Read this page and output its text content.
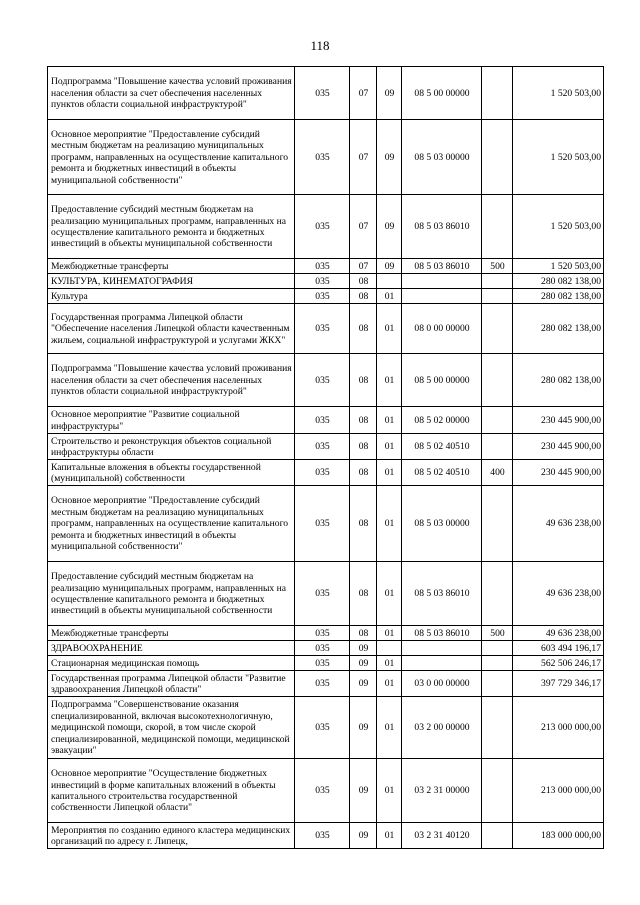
118
Подпрограмма "Повышение качества условий проживания населения области за счет обеспечения населенных пунктов области социальной инфраструктурой"	035	07	09	08 5 00 00000		1 520 503,00
Основное мероприятие "Предоставление субсидий местным бюджетам на реализацию муниципальных программ, направленных на осуществление капитального ремонта и бюджетных инвестиций в объекты муниципальной собственности"	035	07	09	08 5 03 00000		1 520 503,00
Предоставление субсидий местным бюджетам на реализацию муниципальных программ, направленных на осуществление капитального ремонта и бюджетных инвестиций в объекты муниципальной собственности	035	07	09	08 5 03 86010		1 520 503,00
Межбюджетные трансферты	035	07	09	08 5 03 86010	500	1 520 503,00
КУЛЬТУРА, КИНЕМАТОГРАФИЯ	035	08				280 082 138,00
Культура	035	08	01			280 082 138,00
Государственная программа Липецкой области "Обеспечение населения Липецкой области качественным жильем, социальной инфраструктурой и услугами ЖКХ"	035	08	01	08 0 00 00000		280 082 138,00
Подпрограмма "Повышение качества условий проживания населения области за счет обеспечения населенных пунктов области социальной инфраструктурой"	035	08	01	08 5 00 00000		280 082 138,00
Основное мероприятие "Развитие социальной инфраструктуры"	035	08	01	08 5 02 00000		230 445 900,00
Строительство и реконструкция объектов социальной инфраструктуры области	035	08	01	08 5 02 40510		230 445 900,00
Капитальные вложения в объекты государственной (муниципальной) собственности	035	08	01	08 5 02 40510	400	230 445 900,00
Основное мероприятие "Предоставление субсидий местным бюджетам на реализацию муниципальных программ, направленных на осуществление капитального ремонта и бюджетных инвестиций в объекты муниципальной собственности"	035	08	01	08 5 03 00000		49 636 238,00
Предоставление субсидий местным бюджетам на реализацию муниципальных программ, направленных на осуществление капитального ремонта и бюджетных инвестиций в объекты муниципальной собственности	035	08	01	08 5 03 86010		49 636 238,00
Межбюджетные трансферты	035	08	01	08 5 03 86010	500	49 636 238,00
ЗДРАВООХРАНЕНИЕ	035	09				603 494 196,17
Стационарная медицинская помощь	035	09	01			562 506 246,17
Государственная программа Липецкой области "Развитие здравоохранения Липецкой области"	035	09	01	03 0 00 00000		397 729 346,17
Подпрограмма "Совершенствование оказания специализированной, включая высокотехнологичную, медицинской помощи, скорой, в том числе скорой специализированной, медицинской помощи, медицинской эвакуации"	035	09	01	03 2 00 00000		213 000 000,00
Основное мероприятие "Осуществление бюджетных инвестиций в форме капитальных вложений в объекты капитального строительства государственной собственности Липецкой области"	035	09	01	03 2 31 00000		213 000 000,00
Мероприятия по созданию единого кластера медицинских организаций по адресу г. Липецк,	035	09	01	03 2 31 40120		183 000 000,00
